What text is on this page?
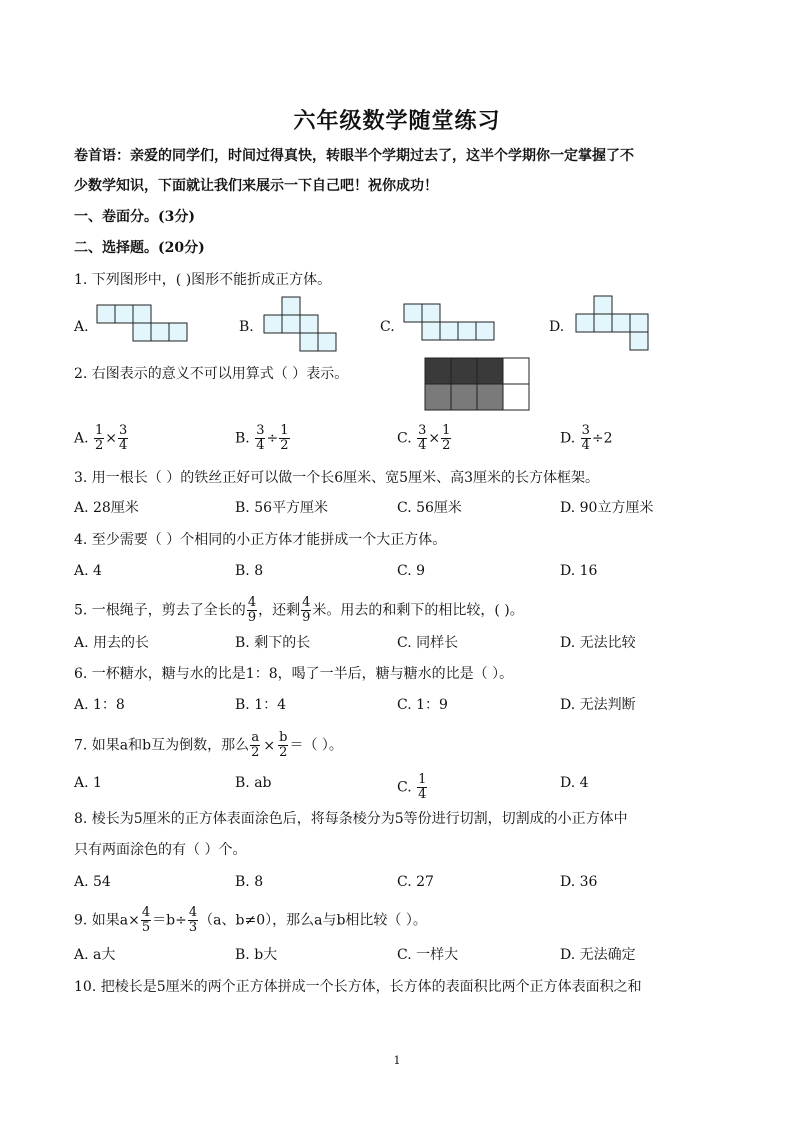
六年级数学随堂练习
卷首语：亲爱的同学们，时间过得真快，转眼半个学期过去了，这半个学期你一定掌握了不
少数学知识，下面就让我们来展示一下自己吧！祝你成功！
一、卷面分。(3分)
二、选择题。(20分)
1. 下列图形中，( )图形不能折成正方体。
A.	B.	C.	D.
2. 右图表示的意义不可以用算式（ ）表示。
A. $\frac{1}{2} \times \frac{3}{4}$	B. $\frac{3}{4} \div \frac{1}{2}$	C. $\frac{3}{4} \times \frac{1}{2}$	D. $\frac{3}{4} \div 2$
3. 用一根长（ ）的铁丝正好可以做一个长6厘米、宽5厘米、高3厘米的长方体框架。
A. 28厘米	B. 56平方厘米	C. 56厘米	D. 90立方厘米
4. 至少需要（ ）个相同的小正方体才能拼成一个大正方体。
A. 4	B. 8	C. 9	D. 16
5. 一根绳子，剪去了全长的 $\frac{4}{9}$ ，还剩 $\frac{4}{9}$ 米。用去的和剩下的相比较，( )。
A. 用去的长	B. 剩下的长	C. 同样长	D. 无法比较
6. 一杯糖水，糖与水的比是1：8，喝了一半后，糖与糖水的比是（ ）。
A. 1：8	B. 1：4	C. 1：9	D. 无法判断
7. 如果a和b互为倒数，那么 $\frac{a}{2} \times \frac{b}{2}$ ＝（ ）。
A. 1	B. ab	C. $\frac{1}{4}$	D. 4
8. 棱长为5厘米的正方体表面涂色后，将每条棱分为5等份进行切割，切割成的小正方体中
只有两面涂色的有（ ）个。
A. 54	B. 8	C. 27	D. 36
9. 如果$a\times \frac{4}{5} =b\div \frac{4}{3} (a$、b≠0），那么a与b相比较（ ）。
A. a大	B. b大	C. 一样大	D. 无法确定
10. 把棱长是5厘米的两个正方体拼成一个长方体，长方体的表面积比两个正方体表面积之和
1
